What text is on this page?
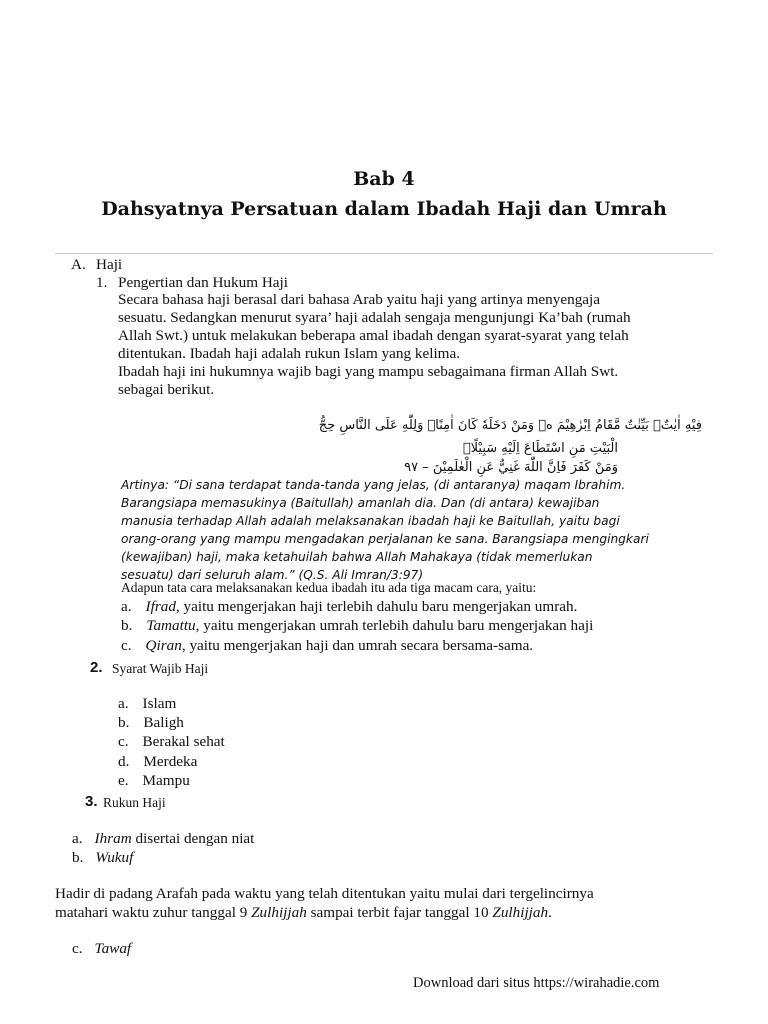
Bab 4
Dahsyatnya Persatuan dalam Ibadah Haji dan Umrah
A. Haji
1. Pengertian dan Hukum Haji
Secara bahasa haji berasal dari bahasa Arab yaitu haji yang artinya menyengaja
sesuatu. Sedangkan menurut syara’ haji adalah sengaja mengunjungi Ka’bah (rumah
Allah Swt.) untuk melakukan beberapa amal ibadah dengan syarat-syarat yang telah
ditentukan. Ibadah haji adalah rukun Islam yang kelima.
Ibadah haji ini hukumnya wajib bagi yang mampu sebagaimana firman Allah Swt.
sebagai berikut.
فِيْهِ اٰيٰتٌۢ بَيِّنٰتٌ مَّقَامُ اِبْرٰهِيْمَ ەۚ وَمَنْ دَخَلَهٗ كَانَ اٰمِنًاۗ وَلِلّٰهِ عَلَى النَّاسِ حِجُّ
الْبَيْتِ مَنِ اسْتَطَاعَ اِلَيْهِ سَبِيْلًاۗ
وَمَنْ كَفَرَ فَاِنَّ اللّٰهَ غَنِيٌّ عَنِ الْعٰلَمِيْنَ – ٩٧
Artinya: “Di sana terdapat tanda-tanda yang jelas, (di antaranya) maqam Ibrahim.
Barangsiapa memasukinya (Baitullah) amanlah dia. Dan (di antara) kewajiban
manusia terhadap Allah adalah melaksanakan ibadah haji ke Baitullah, yaitu bagi
orang-orang yang mampu mengadakan perjalanan ke sana. Barangsiapa mengingkari
(kewajiban) haji, maka ketahuilah bahwa Allah Mahakaya (tidak memerlukan
sesuatu) dari seluruh alam.” (Q.S. Ali Imran/3:97)
Adapun tata cara melaksanakan kedua ibadah itu ada tiga macam cara, yaitu:
a. Ifrad, yaitu mengerjakan haji terlebih dahulu baru mengerjakan umrah.
b. Tamattu, yaitu mengerjakan umrah terlebih dahulu baru mengerjakan haji
c. Qiran, yaitu mengerjakan haji dan umrah secara bersama-sama.
2. Syarat Wajib Haji
a. Islam
b. Baligh
c. Berakal sehat
d. Merdeka
e. Mampu
3. Rukun Haji
a. Ihram disertai dengan niat
b. Wukuf
Hadir di padang Arafah pada waktu yang telah ditentukan yaitu mulai dari tergelincirnya
matahari waktu zuhur tanggal 9 Zulhijjah sampai terbit fajar tanggal 10 Zulhijjah.
c. Tawaf
Download dari situs https://wirahadie.com
